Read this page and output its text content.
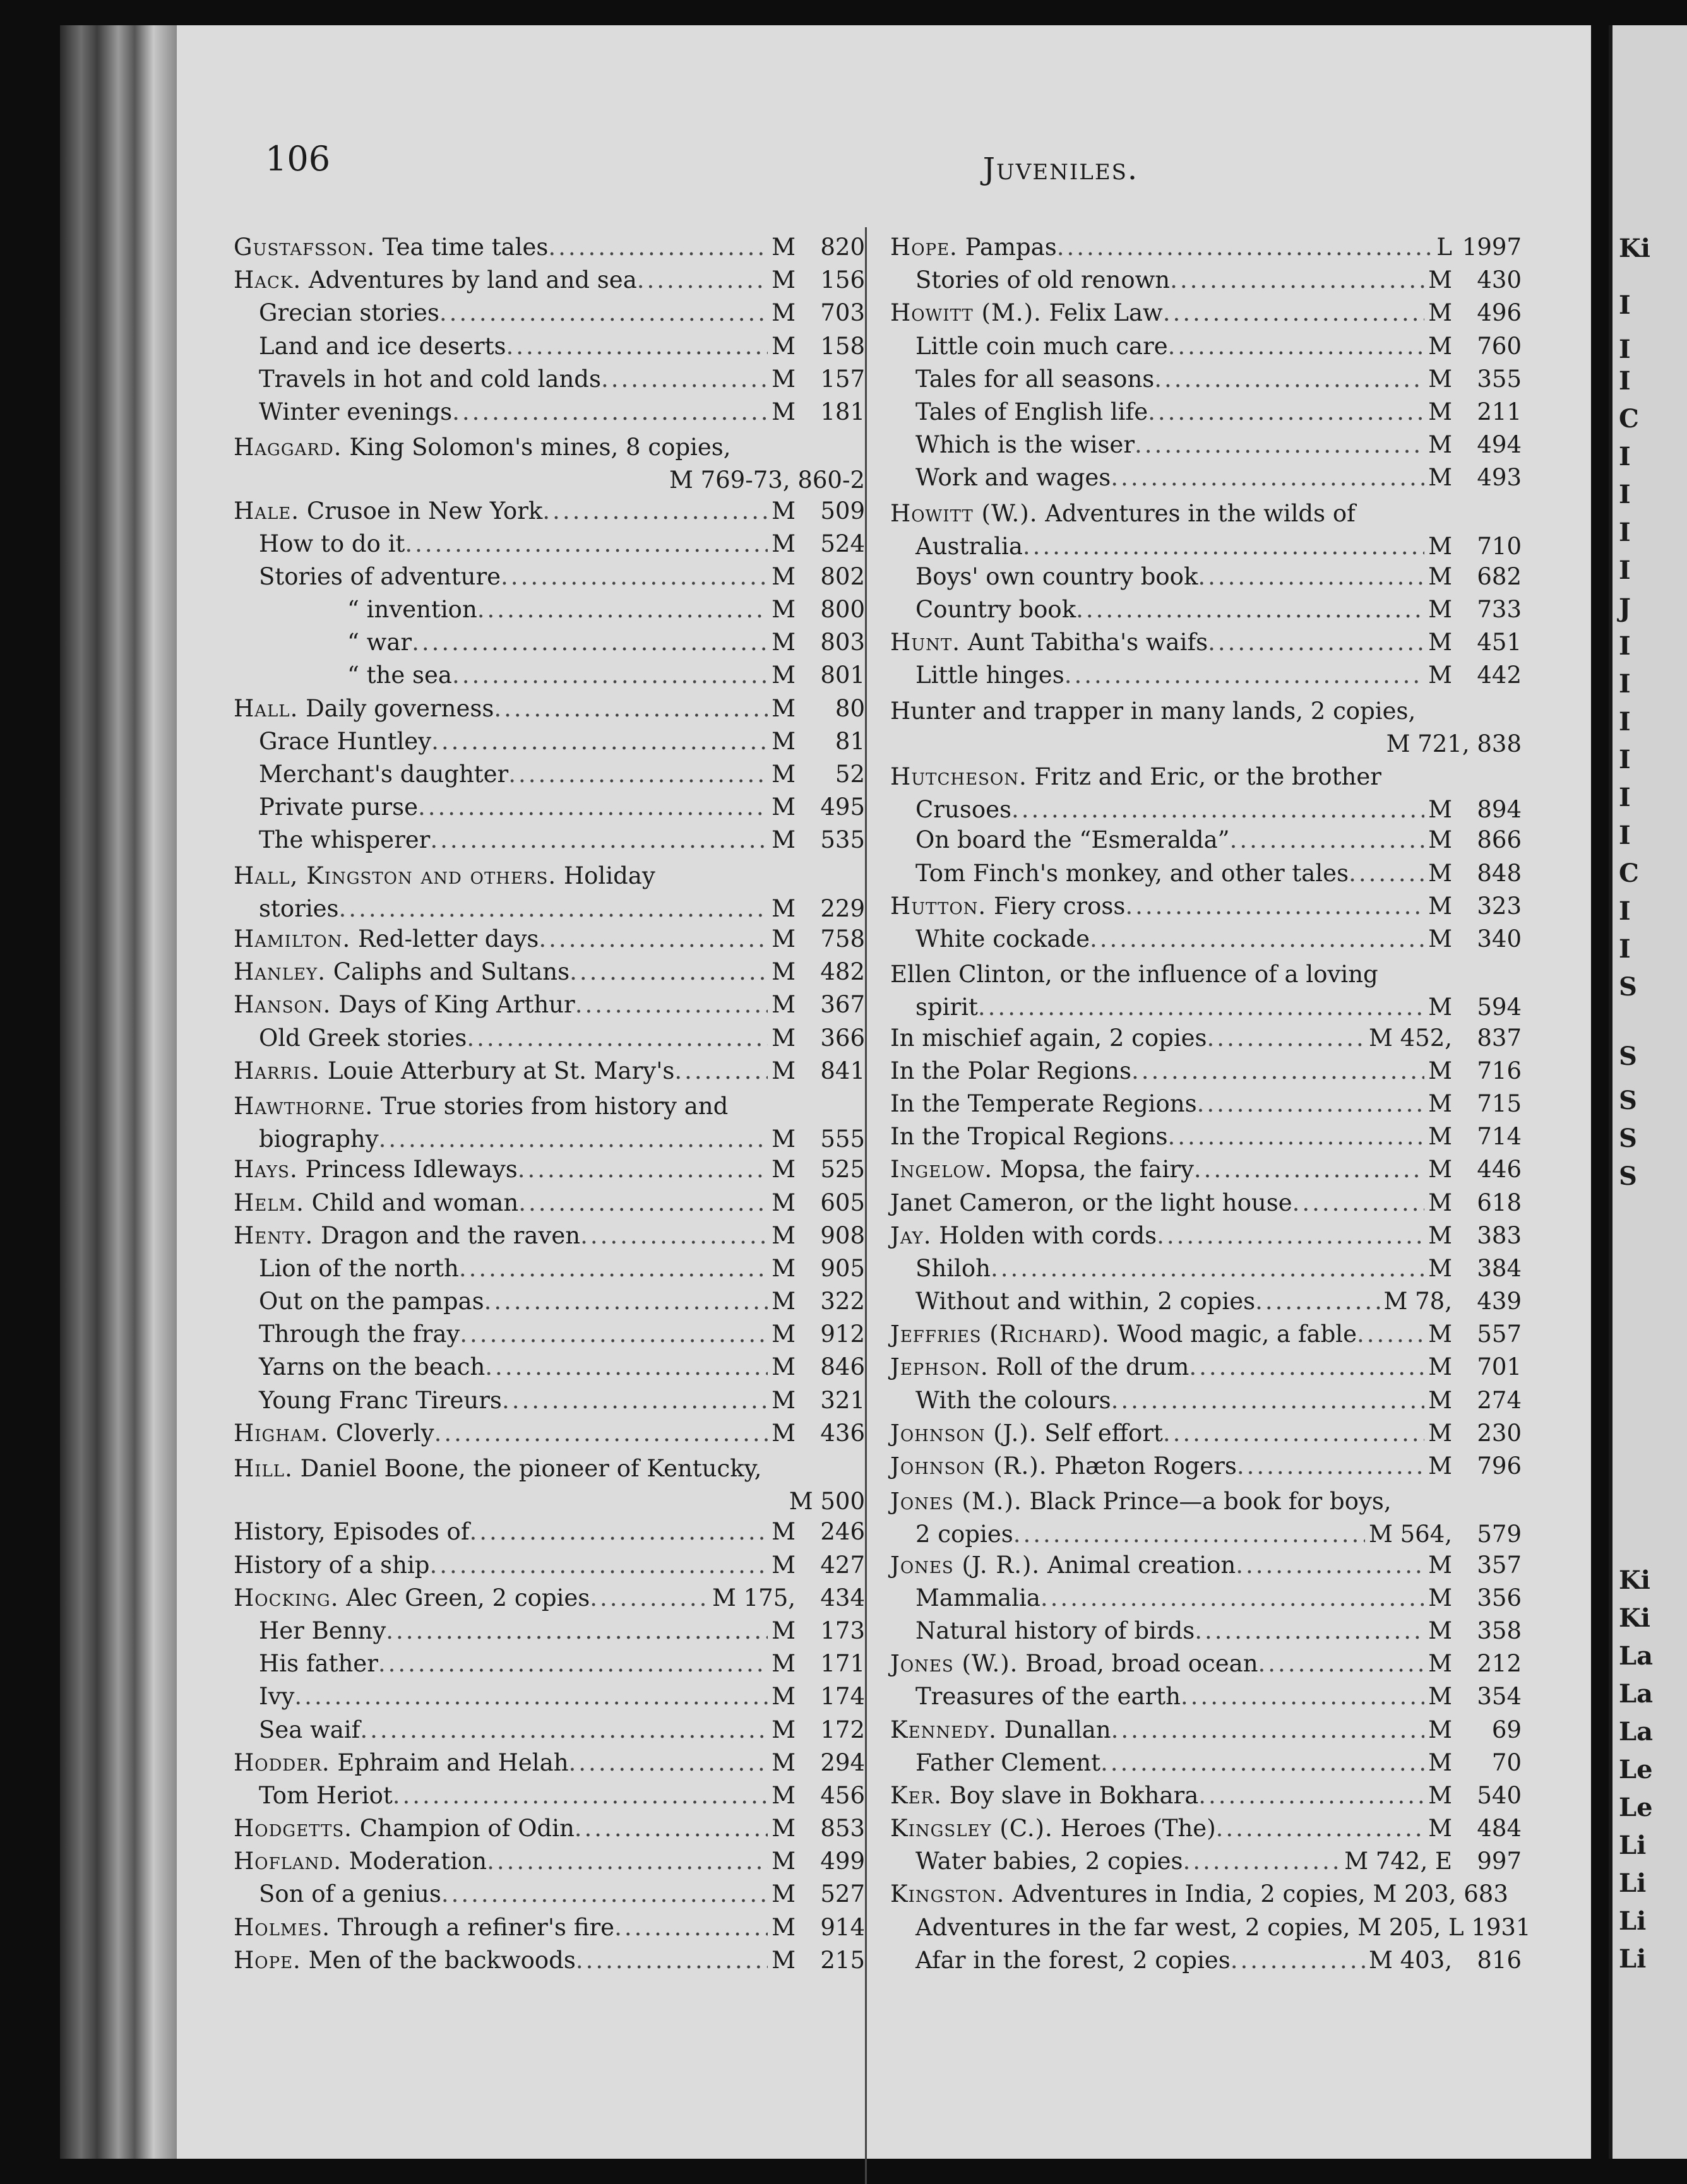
106	Juveniles.
Gustafsson. Tea time tales .....	M	820
Hack. Adventures by land and sea .....	M	156
Grecian stories .....	M	703
Land and ice deserts .....	M	158
Travels in hot and cold lands .....	M	157
Winter evenings .....	M	181
Haggard. King Solomon's mines, 8 copies,
M 769-73, 860-2
Hale. Crusoe in New York .....	M	509
How to do it .....	M	524
Stories of adventure .....	M	802
“ invention .....	M	800
“ war .....	M	803
“ the sea .....	M	801
Hall. Daily governess .....	M	80
Grace Huntley .....	M	81
Merchant's daughter .....	M	52
Private purse .....	M	495
The whisperer .....	M	535
Hall, Kingston and others. Holiday
stories .....	M	229
Hamilton. Red-letter days .....	M	758
Hanley. Caliphs and Sultans .....	M	482
Hanson. Days of King Arthur .....	M	367
Old Greek stories .....	M	366
Harris. Louie Atterbury at St. Mary's .....	M	841
Hawthorne. True stories from history and
biography .....	M	555
Hays. Princess Idleways .....	M	525
Helm. Child and woman .....	M	605
Henty. Dragon and the raven .....	M	908
Lion of the north .....	M	905
Out on the pampas .....	M	322
Through the fray .....	M	912
Yarns on the beach .....	M	846
Young Franc Tireurs .....	M	321
Higham. Cloverly .....	M	436
Hill. Daniel Boone, the pioneer of Kentucky,
M 500
History, Episodes of .....	M	246
History of a ship .....	M	427
Hocking. Alec Green, 2 copies .....	M 175,	434
Her Benny .....	M	173
His father .....	M	171
Ivy .....	M	174
Sea waif .....	M	172
Hodder. Ephraim and Helah .....	M	294
Tom Heriot .....	M	456
Hodgetts. Champion of Odin .....	M	853
Hofland. Moderation .....	M	499
Son of a genius .....	M	527
Holmes. Through a refiner's fire .....	M	914
Hope. Men of the backwoods .....	M	215
Hope. Pampas .....	L 1997
Stories of old renown .....	M	430
Howitt (M.). Felix Law .....	M	496
Little coin much care .....	M	760
Tales for all seasons .....	M	355
Tales of English life .....	M	211
Which is the wiser .....	M	494
Work and wages .....	M	493
Howitt (W.). Adventures in the wilds of
Australia .....	M	710
Boys' own country book .....	M	682
Country book .....	M	733
Hunt. Aunt Tabitha's waifs .....	M	451
Little hinges .....	M	442
Hunter and trapper in many lands, 2 copies,
M 721, 838
Hutcheson. Fritz and Eric, or the brother
Crusoes .....	M	894
On board the “Esmeralda” .....	M	866
Tom Finch's monkey, and other tales .....	M	848
Hutton. Fiery cross .....	M	323
White cockade .....	M	340
Ellen Clinton, or the influence of a loving
spirit .....	M	594
In mischief again, 2 copies .....	M 452,	837
In the Polar Regions .....	M	716
In the Temperate Regions .....	M	715
In the Tropical Regions .....	M	714
Ingelow. Mopsa, the fairy .....	M	446
Janet Cameron, or the light house .....	M	618
Jay. Holden with cords .....	M	383
Shiloh .....	M	384
Without and within, 2 copies .....	M 78,	439
Jeffries (Richard). Wood magic, a fable .....	M	557
Jephson. Roll of the drum .....	M	701
With the colours .....	M	274
Johnson (J.). Self effort .....	M	230
Johnson (R.). Phæton Rogers .....	M	796
Jones (M.). Black Prince—a book for boys,
2 copies .....	M 564,	579
Jones (J. R.). Animal creation .....	M	357
Mammalia .....	M	356
Natural history of birds .....	M	358
Jones (W.). Broad, broad ocean .....	M	212
Treasures of the earth .....	M	354
Kennedy. Dunallan .....	M	69
Father Clement .....	M	70
Ker. Boy slave in Bokhara .....	M	540
Kingsley (C.). Heroes (The) .....	M	484
Water babies, 2 copies .....	M 742, E	997
Kingston. Adventures in India, 2 copies, M 203, 683
Adventures in the far west, 2 copies, M 205, L 1931
Afar in the forest, 2 copies .....	M 403,	816
Ki
I
I
I
C
I
I
I
I
J
I
I
I
I
I
I
C
I
I
S
S
S
S
S
Ki
Ki
La
La
La
Le
Le
Li
Li
Li
Li
